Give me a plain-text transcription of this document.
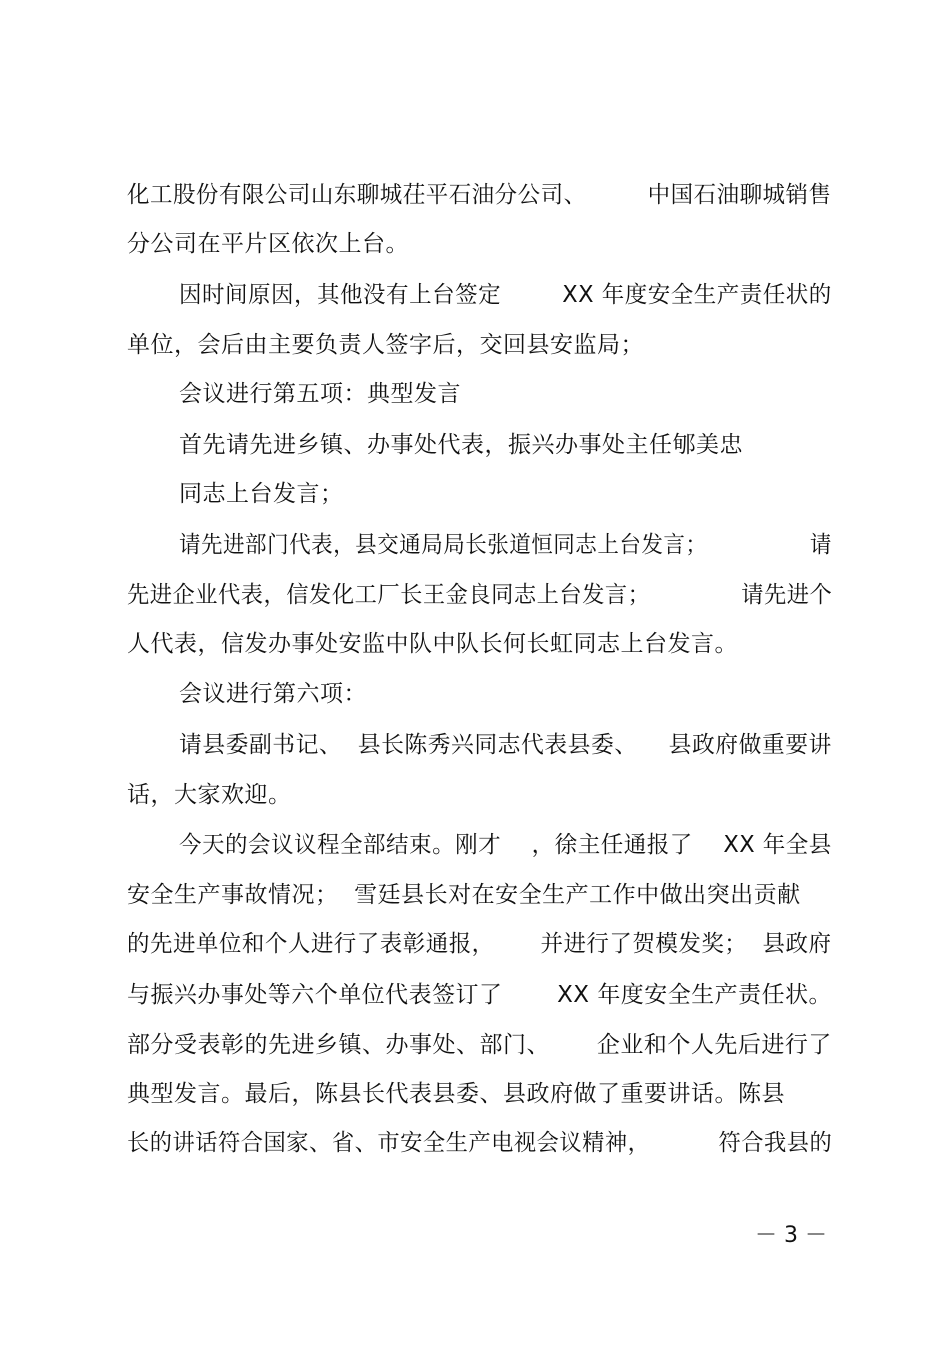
化工股份有限公司山东聊城茌平石油分公司、        中国石油聊城销售
分公司在平片区依次上台。
因时间原因，其他没有上台签定        XX 年度安全生产责任状的
单位，会后由主要负责人签字后，交回县安监局；
会议进行第五项：典型发言
首先请先进乡镇、办事处代表，振兴办事处主任郇美忠
同志上台发言；
请先进部门代表，县交通局局长张道恒同志上台发言；              请
先进企业代表，信发化工厂长王金良同志上台发言；            请先进个
人代表，信发办事处安监中队中队长何长虹同志上台发言。
会议进行第六项：
请县委副书记、  县长陈秀兴同志代表县委、    县政府做重要讲
话，大家欢迎。
今天的会议议程全部结束。刚才    ，徐主任通报了    XX 年全县
安全生产事故情况；  雪廷县长对在安全生产工作中做出突出贡献
的先进单位和个人进行了表彰通报，      并进行了贺模发奖；  县政府
与振兴办事处等六个单位代表签订了       XX 年度安全生产责任状。
部分受表彰的先进乡镇、办事处、部门、      企业和个人先后进行了
典型发言。最后，陈县长代表县委、县政府做了重要讲话。陈县
长的讲话符合国家、省、市安全生产电视会议精神，         符合我县的
－ 3 －
